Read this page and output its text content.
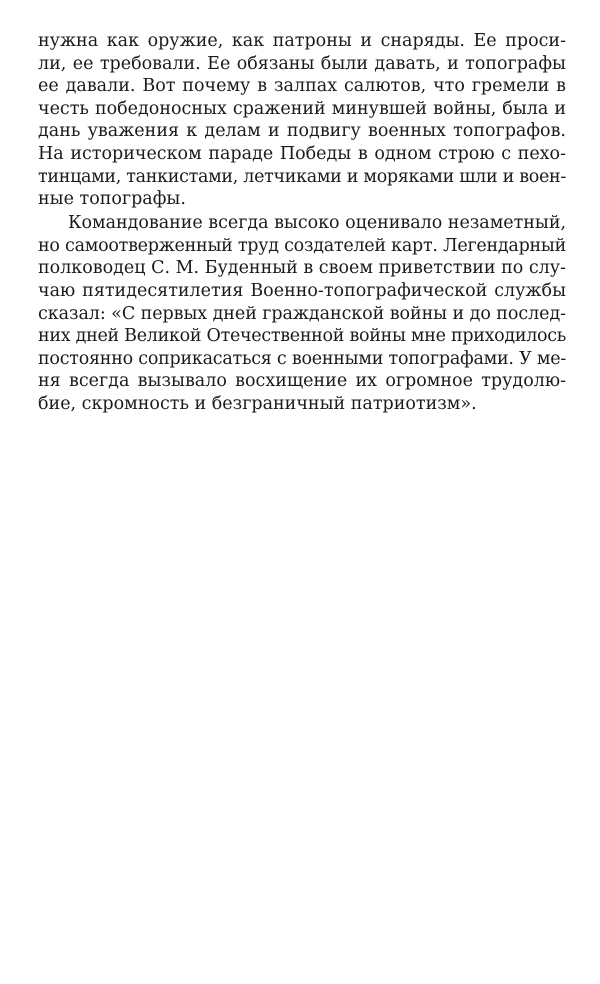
нужна как оружие, как патроны и снаряды. Ее проси-
ли, ее требовали. Ее обязаны были давать, и топографы
ее давали. Вот почему в залпах салютов, что гремели в
честь победоносных сражений минувшей войны, была и
дань уважения к делам и подвигу военных топографов.
На историческом параде Победы в одном строю с пехо-
тинцами, танкистами, летчиками и моряками шли и воен-
ные топографы.
Командование всегда высоко оценивало незаметный,
но самоотверженный труд создателей карт. Легендарный
полководец С. М. Буденный в своем приветствии по слу-
чаю пятидесятилетия Военно-топографической службы
сказал: «С первых дней гражданской войны и до послед-
них дней Великой Отечественной войны мне приходилось
постоянно соприкасаться с военными топографами. У ме-
ня всегда вызывало восхищение их огромное трудолю-
бие, скромность и безграничный патриотизм».
